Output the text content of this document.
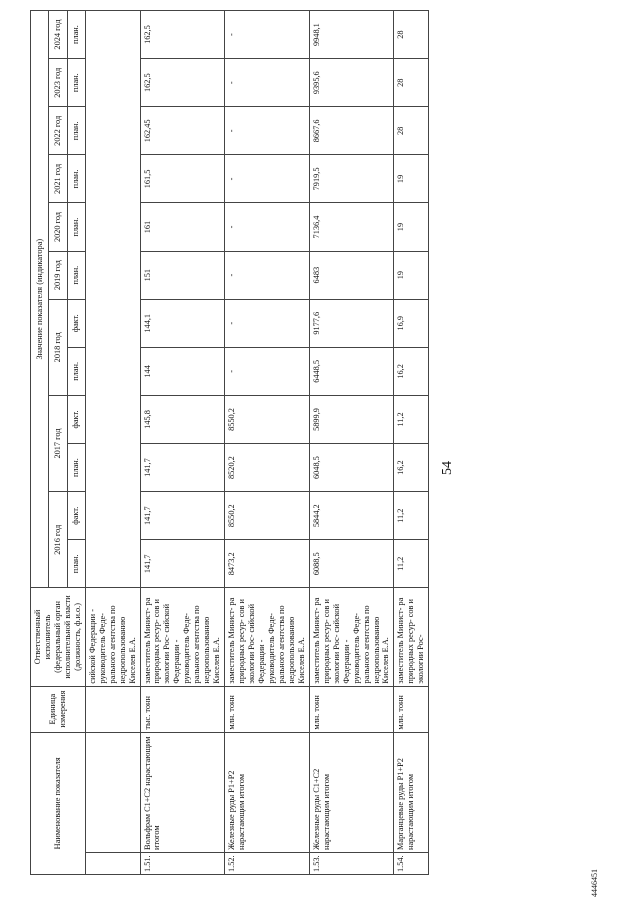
54
Наименование показателя		Единица измерения	Ответственный исполнитель (федеральный орган исполнительной власти (должность, ф.и.о.)	Значение показателя (индикатора)											
				2016 год		2017 год		2018 год		2019 год	2020 год	2021 год	2022 год	2023 год	2024 год
				план.	факт.	план.	факт.	план.	факт.	план.	план.	план.	план.	план.	план.
			сийской Федерации - руководитель Феде- рального агентства по недропользованию Киселев Е.А.												
1.51.	Вольфрам С1+С2 нарастающим итогом	тыс. тонн	заместитель Минист- ра природных ресур- сов и экологии Рос- сийской Федерации - руководитель Феде- рального агентства по недропользованию Киселев Е.А.	141,7	141,7	141,7	145,8	144	144,1	151	161	161,5	162,45	162,5	162,5
1.52.	Железные руды Р1+Р2 нарастающим итогом	млн. тонн	заместитель Минист- ра природных ресур- сов и экологии Рос- сийской Федерации - руководитель Феде- рального агентства по недропользованию Киселев Е.А.	8473,2	8550,2	8520,2	8550,2	-	-	-	-	-	-	-	-
1.53.	Железные руды С1+С2 нарастающим итогом	млн. тонн	заместитель Минист- ра природных ресур- сов и экологии Рос- сийской Федерации - руководитель Феде- рального агентства по недропользованию Киселев Е.А.	6088,5	5844,2	6048,5	5899,9	6448,5	9177,6	6483	7136,4	7919,5	8667,6	9395,6	9948,1
1.54.	Марганцевые руды Р1+Р2 нарастающим итогом	млн. тонн	заместитель Минист- ра природных ресур- сов и экологии Рос-	11,2	11,2	16,2	11,2	16,2	16,9	19	19	19	28	28	28
4446451
